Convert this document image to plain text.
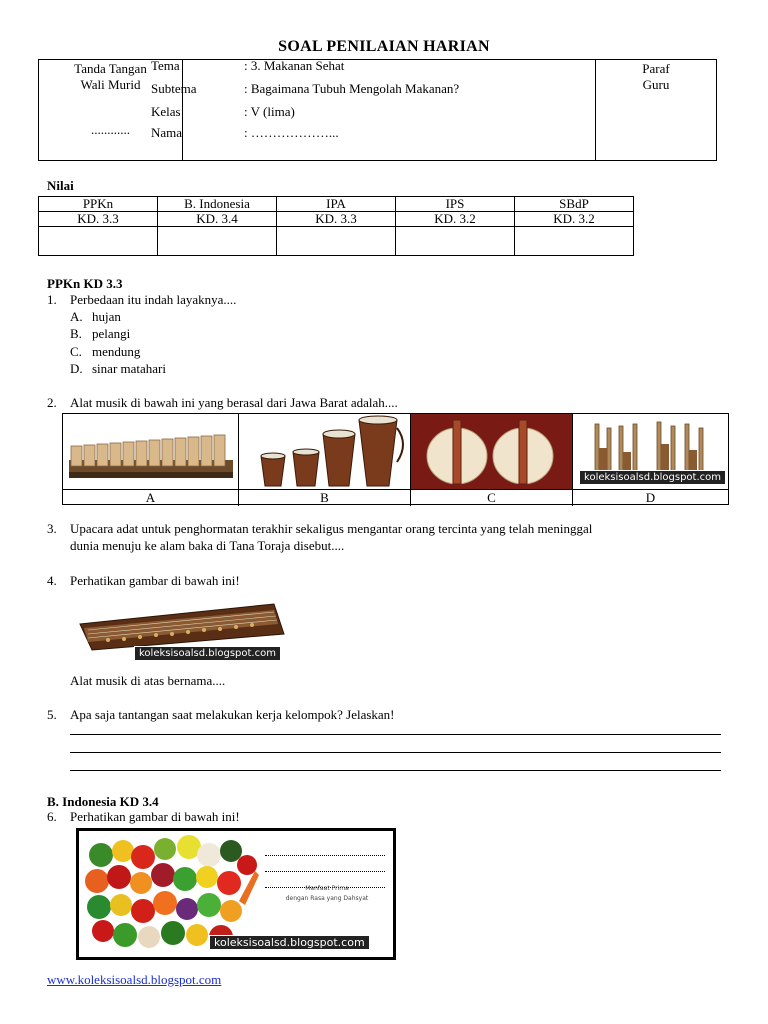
SOAL PENILAIAN HARIAN
Tanda Tangan
Wali Murid
............
Paraf
Guru
Tema	: 3. Makanan Sehat
Subtema	: Bagaimana Tubuh Mengolah Makanan?
Kelas	: V (lima)
Nama	: ………………...
Nilai
PPKn	B. Indonesia	IPA	IPS	SBdP
KD. 3.3	KD. 3.4	KD. 3.3	KD. 3.2	KD. 3.2

PPKn KD 3.3
1. Perbedaan itu indah layaknya....
A. hujan
B. pelangi
C. mendung
D. sinar matahari
2. Alat musik di bawah ini yang berasal dari Jawa Barat adalah....
koleksisoalsd.blogspot.com
A	B	C	D
3. Upacara adat untuk penghormatan terakhir sekaligus mengantar orang tercinta yang telah meninggal
dunia menuju ke alam baka di Tana Toraja disebut....
4. Perhatikan gambar di bawah ini!
koleksisoalsd.blogspot.com
Alat musik di atas bernama....
5. Apa saja tantangan saat melakukan kerja kelompok? Jelaskan!
B. Indonesia KD 3.4
6. Perhatikan gambar di bawah ini!
Manfaat Prima
dengan Rasa yang Dahsyat
koleksisoalsd.blogspot.com
www.koleksisoalsd.blogspot.com
